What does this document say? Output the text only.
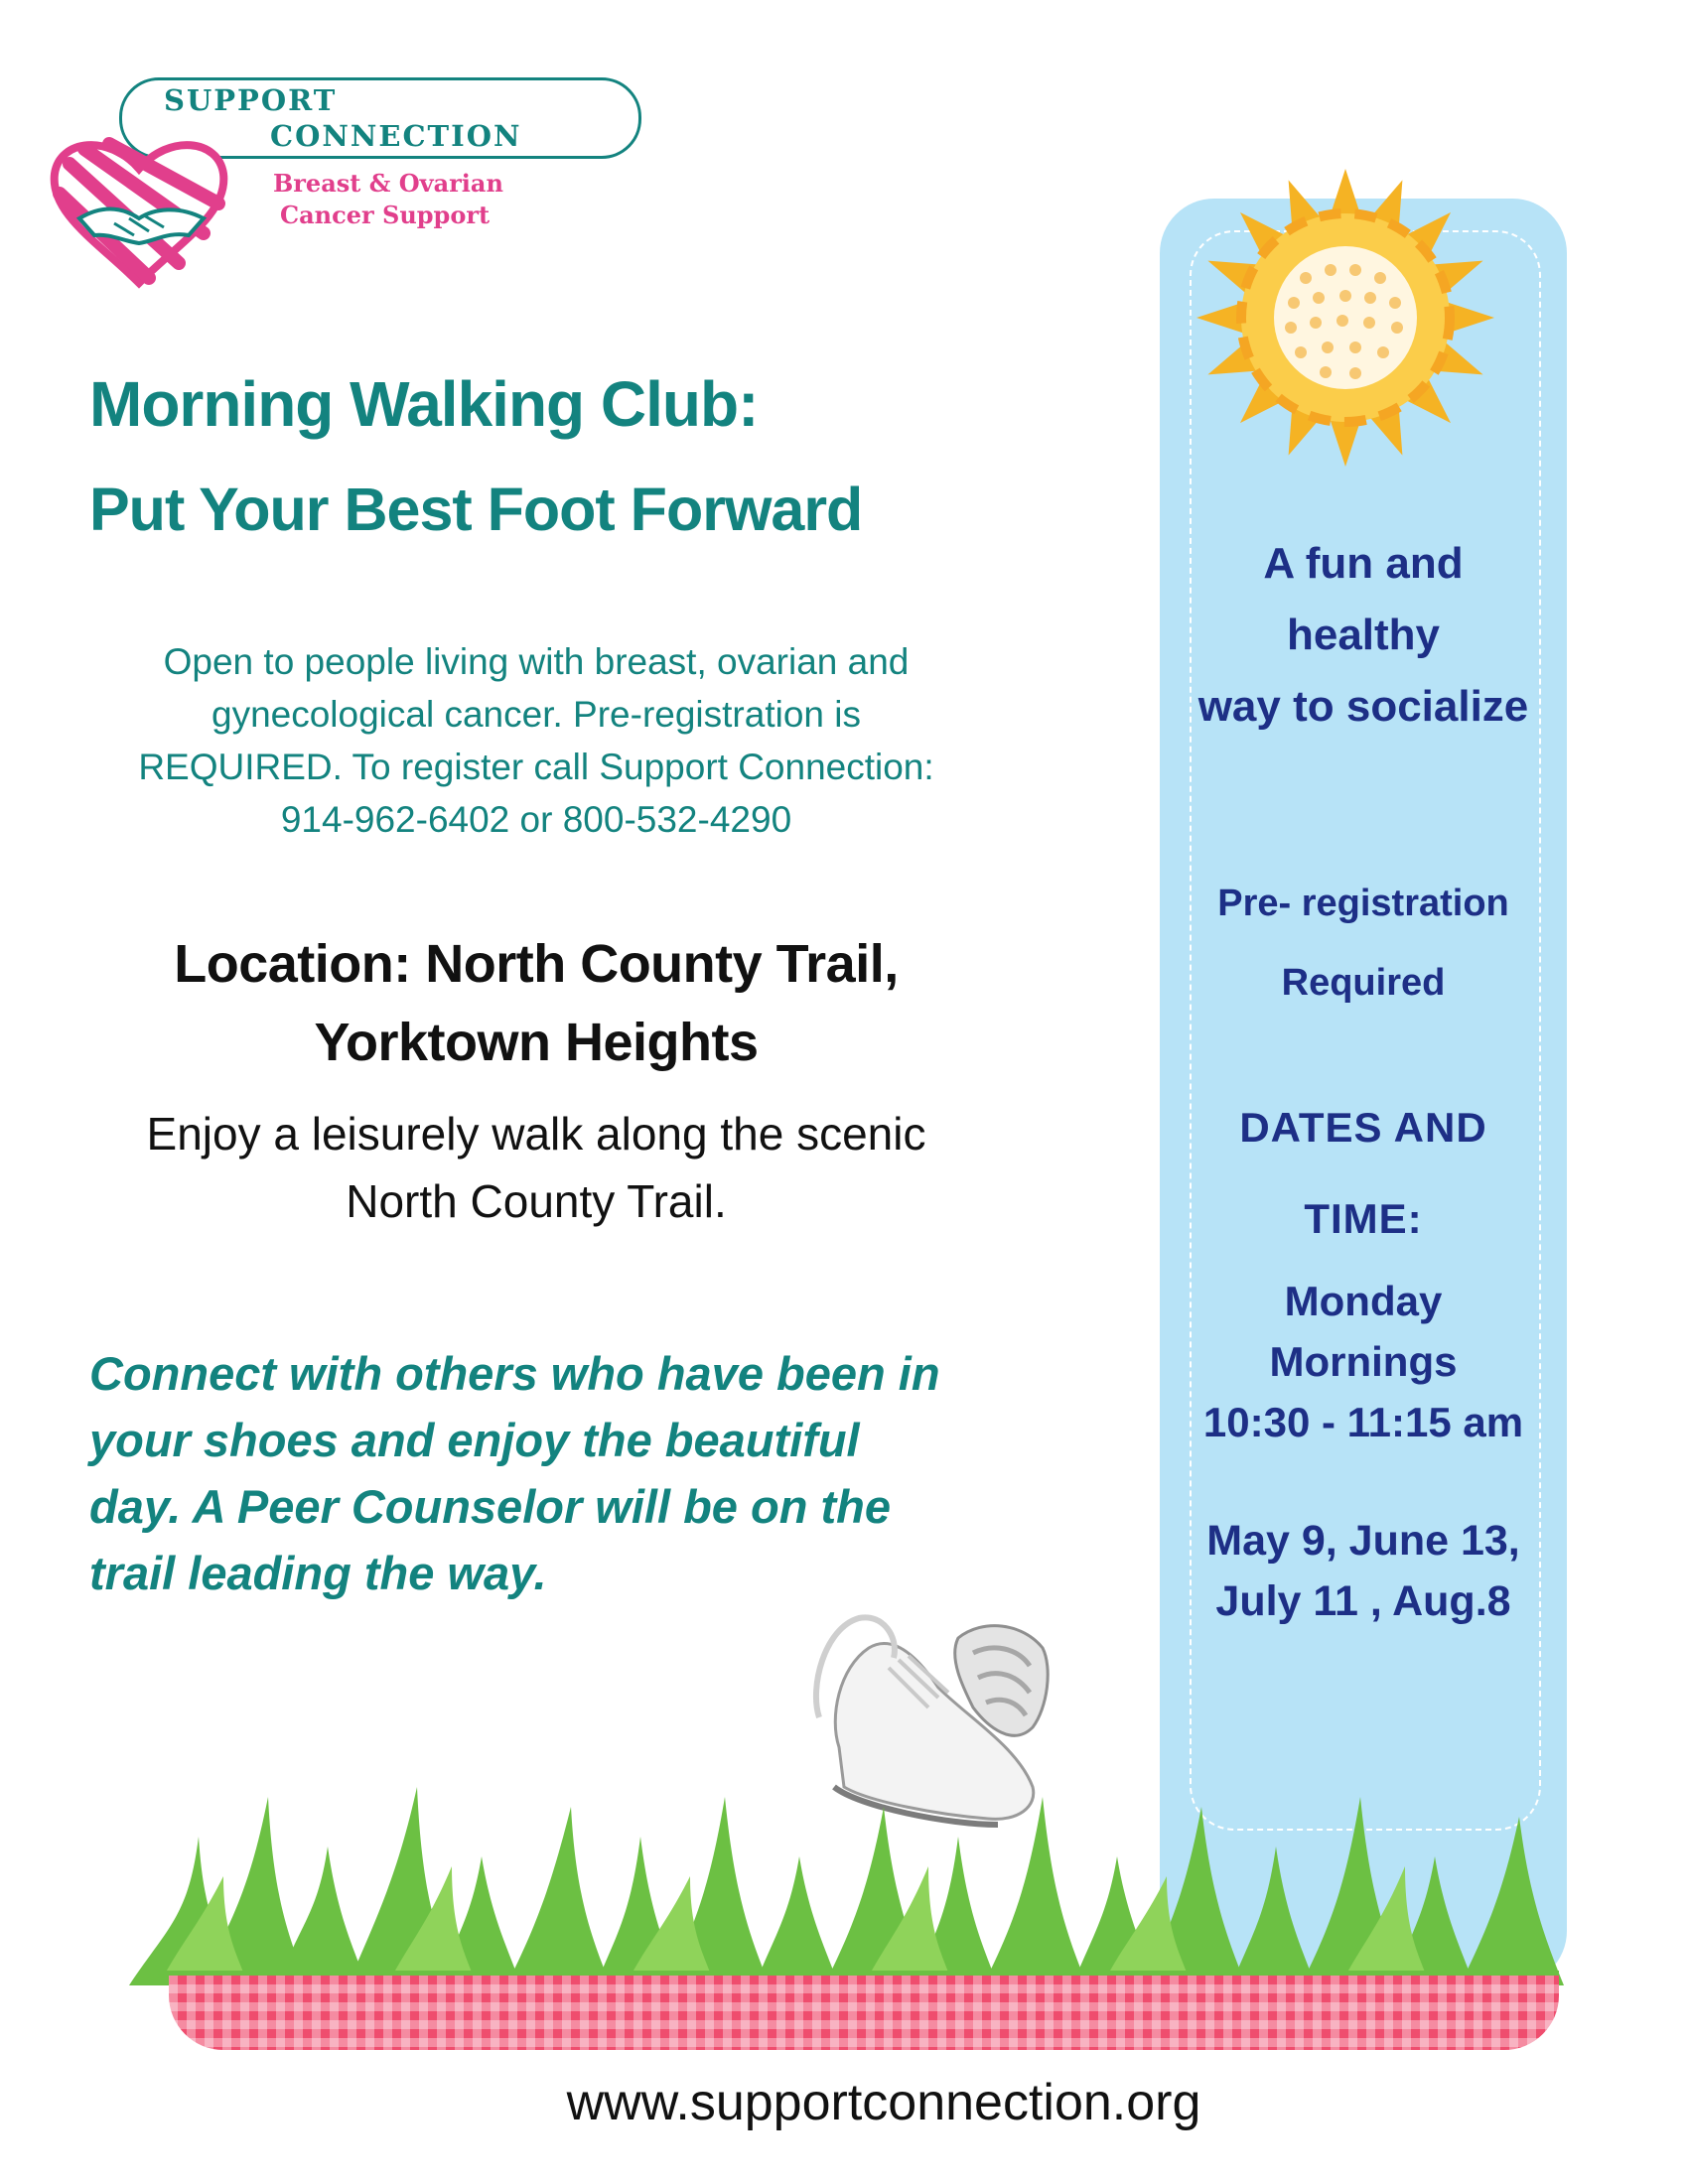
SUPPORT
CONNECTION
Breast & Ovarian
Cancer Support
Morning Walking Club:
Put Your Best Foot Forward
Open to people living with breast, ovarian and
gynecological cancer. Pre-registration is
REQUIRED. To register call Support Connection:
914-962-6402 or 800-532-4290
Location: North County Trail,
Yorktown Heights
Enjoy a leisurely walk along the scenic
North County Trail.
Connect with others who have been in
your shoes and enjoy the beautiful
day. A Peer Counselor will be on the
trail leading the way.
A fun and
healthy
way to socialize
Pre- registration
Required
DATES AND
TIME:
Monday
Mornings
10:30 - 11:15 am
May 9, June 13,
July 11 , Aug.8
www.supportconnection.org
